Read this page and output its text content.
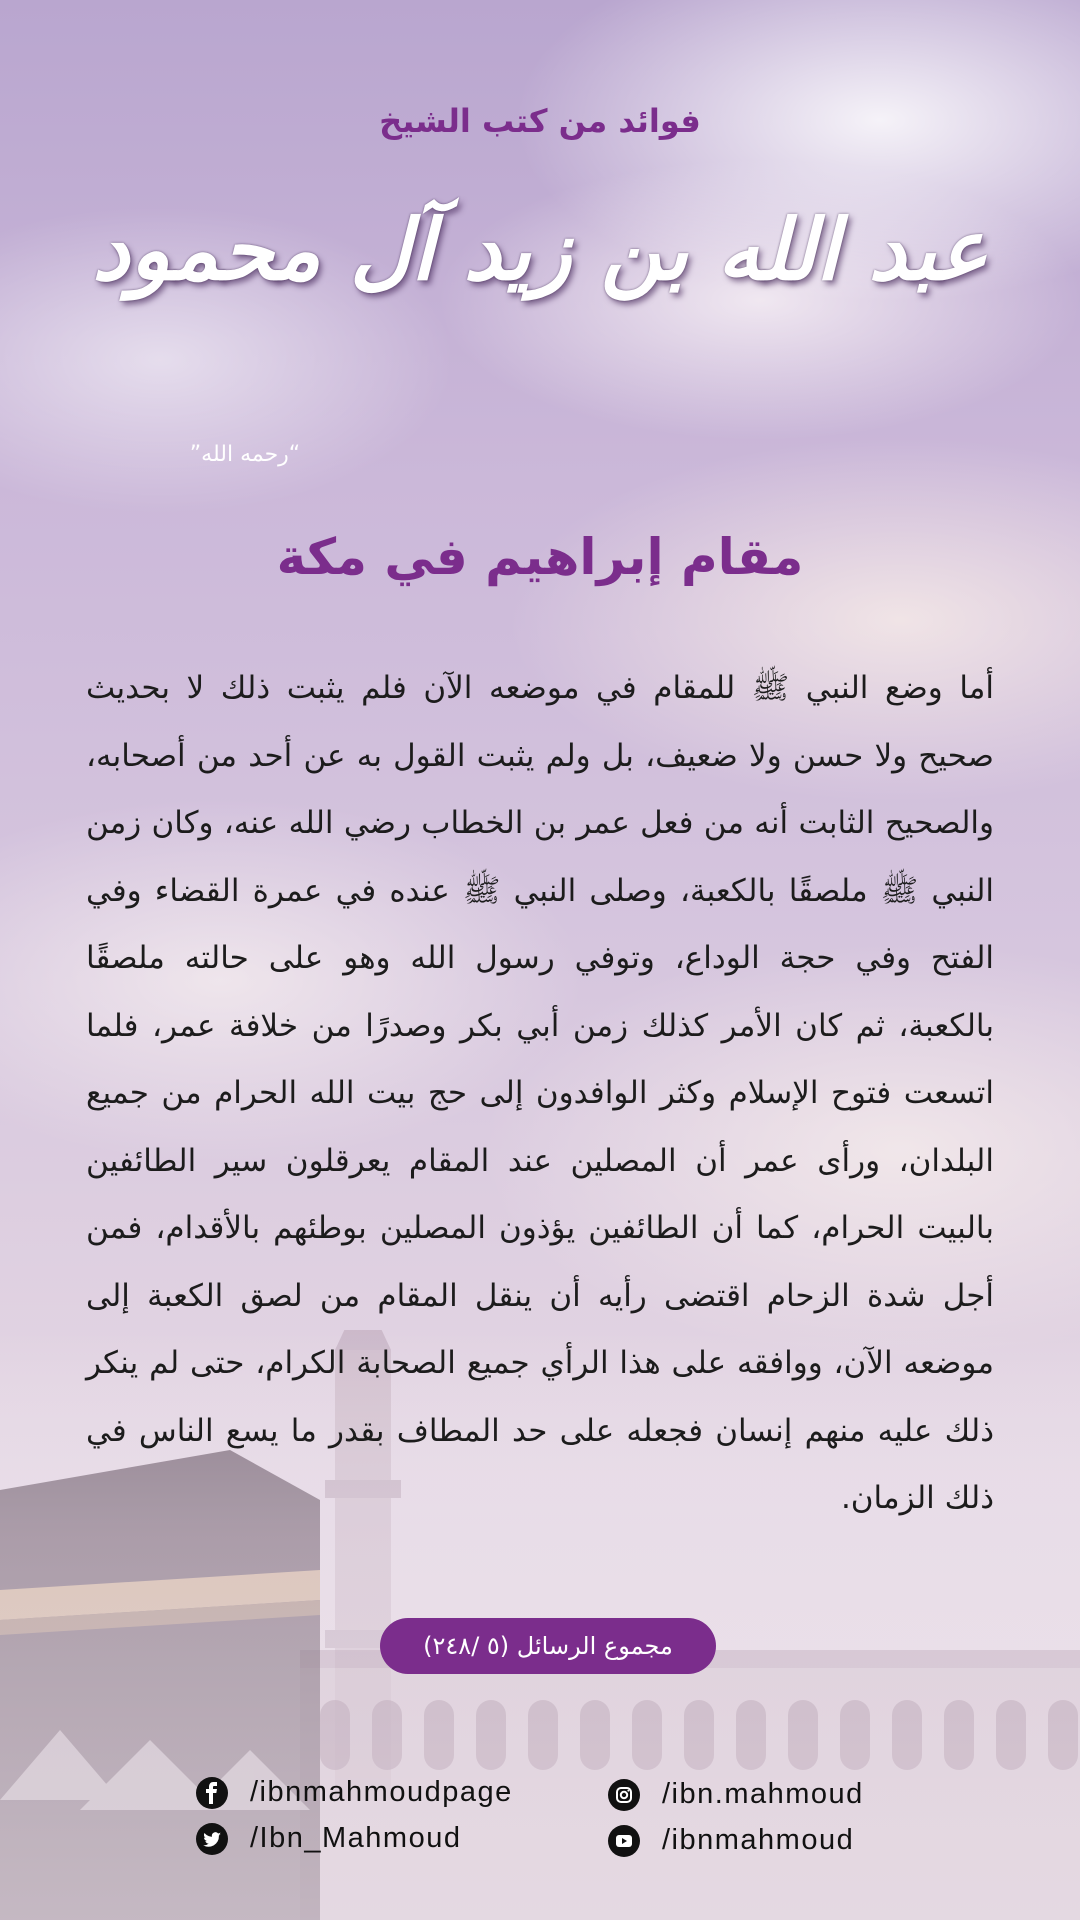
فوائد من كتب الشيخ
عبد الله بن زيد آل محمود
“رحمه الله”
مقام إبراهيم في مكة
أما وضع النبي ﷺ للمقام في موضعه الآن فلم يثبت ذلك لا بحديث صحيح ولا حسن ولا ضعيف، بل ولم يثبت القول به عن أحد من أصحابه، والصحيح الثابت أنه من فعل عمر بن الخطاب رضي الله عنه، وكان زمن النبي ﷺ ملصقًا بالكعبة، وصلى النبي ﷺ عنده في عمرة القضاء وفي الفتح وفي حجة الوداع، وتوفي رسول الله وهو على حالته ملصقًا بالكعبة، ثم كان الأمر كذلك زمن أبي بكر وصدرًا من خلافة عمر، فلما اتسعت فتوح الإسلام وكثر الوافدون إلى حج بيت الله الحرام من جميع البلدان، ورأى عمر أن المصلين عند المقام يعرقلون سير الطائفين بالبيت الحرام، كما أن الطائفين يؤذون المصلين بوطئهم بالأقدام، فمن أجل شدة الزحام اقتضى رأيه أن ينقل المقام من لصق الكعبة إلى موضعه الآن، ووافقه على هذا الرأي جميع الصحابة الكرام، حتى لم ينكر ذلك عليه منهم إنسان فجعله على حد المطاف بقدر ما يسع الناس في ذلك الزمان.
مجموع الرسائل (٥ /٢٤٨)
/ibnmahmoudpage
/Ibn_Mahmoud
/ibn.mahmoud
/ibnmahmoud
